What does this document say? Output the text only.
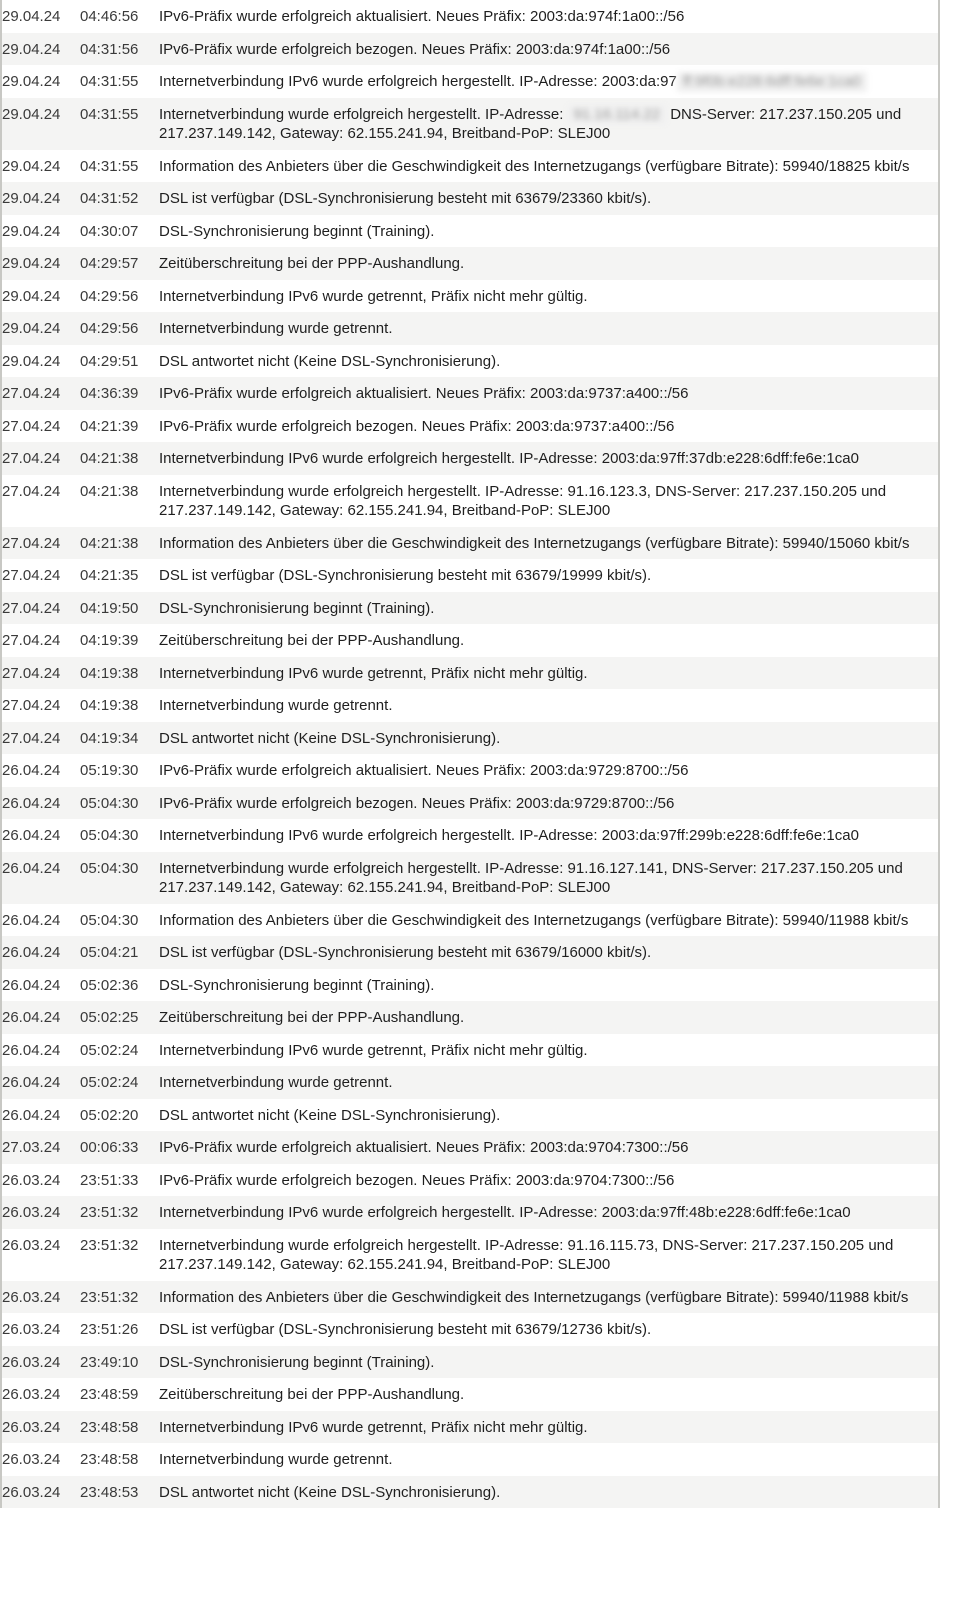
29.04.24	04:46:56	IPv6-Präfix wurde erfolgreich aktualisiert. Neues Präfix: 2003:da:974f:1a00::/56
29.04.24	04:31:56	IPv6-Präfix wurde erfolgreich bezogen. Neues Präfix: 2003:da:974f:1a00::/56
29.04.24	04:31:55	Internetverbindung IPv6 wurde erfolgreich hergestellt. IP-Adresse: 2003:da:97 ff:9f0b:e228:6dff:fe6e:1ca0
29.04.24	04:31:55	Internetverbindung wurde erfolgreich hergestellt. IP-Adresse: 91.16.114.22 DNS-Server: 217.237.150.205 und 217.237.149.142, Gateway: 62.155.241.94, Breitband-PoP: SLEJ00
29.04.24	04:31:55	Information des Anbieters über die Geschwindigkeit des Internetzugangs (verfügbare Bitrate): 59940/18825 kbit/s
29.04.24	04:31:52	DSL ist verfügbar (DSL-Synchronisierung besteht mit 63679/23360 kbit/s).
29.04.24	04:30:07	DSL-Synchronisierung beginnt (Training).
29.04.24	04:29:57	Zeitüberschreitung bei der PPP-Aushandlung.
29.04.24	04:29:56	Internetverbindung IPv6 wurde getrennt, Präfix nicht mehr gültig.
29.04.24	04:29:56	Internetverbindung wurde getrennt.
29.04.24	04:29:51	DSL antwortet nicht (Keine DSL-Synchronisierung).
27.04.24	04:36:39	IPv6-Präfix wurde erfolgreich aktualisiert. Neues Präfix: 2003:da:9737:a400::/56
27.04.24	04:21:39	IPv6-Präfix wurde erfolgreich bezogen. Neues Präfix: 2003:da:9737:a400::/56
27.04.24	04:21:38	Internetverbindung IPv6 wurde erfolgreich hergestellt. IP-Adresse: 2003:da:97ff:37db:e228:6dff:fe6e:1ca0
27.04.24	04:21:38	Internetverbindung wurde erfolgreich hergestellt. IP-Adresse: 91.16.123.3, DNS-Server: 217.237.150.205 und 217.237.149.142, Gateway: 62.155.241.94, Breitband-PoP: SLEJ00
27.04.24	04:21:38	Information des Anbieters über die Geschwindigkeit des Internetzugangs (verfügbare Bitrate): 59940/15060 kbit/s
27.04.24	04:21:35	DSL ist verfügbar (DSL-Synchronisierung besteht mit 63679/19999 kbit/s).
27.04.24	04:19:50	DSL-Synchronisierung beginnt (Training).
27.04.24	04:19:39	Zeitüberschreitung bei der PPP-Aushandlung.
27.04.24	04:19:38	Internetverbindung IPv6 wurde getrennt, Präfix nicht mehr gültig.
27.04.24	04:19:38	Internetverbindung wurde getrennt.
27.04.24	04:19:34	DSL antwortet nicht (Keine DSL-Synchronisierung).
26.04.24	05:19:30	IPv6-Präfix wurde erfolgreich aktualisiert. Neues Präfix: 2003:da:9729:8700::/56
26.04.24	05:04:30	IPv6-Präfix wurde erfolgreich bezogen. Neues Präfix: 2003:da:9729:8700::/56
26.04.24	05:04:30	Internetverbindung IPv6 wurde erfolgreich hergestellt. IP-Adresse: 2003:da:97ff:299b:e228:6dff:fe6e:1ca0
26.04.24	05:04:30	Internetverbindung wurde erfolgreich hergestellt. IP-Adresse: 91.16.127.141, DNS-Server: 217.237.150.205 und 217.237.149.142, Gateway: 62.155.241.94, Breitband-PoP: SLEJ00
26.04.24	05:04:30	Information des Anbieters über die Geschwindigkeit des Internetzugangs (verfügbare Bitrate): 59940/11988 kbit/s
26.04.24	05:04:21	DSL ist verfügbar (DSL-Synchronisierung besteht mit 63679/16000 kbit/s).
26.04.24	05:02:36	DSL-Synchronisierung beginnt (Training).
26.04.24	05:02:25	Zeitüberschreitung bei der PPP-Aushandlung.
26.04.24	05:02:24	Internetverbindung IPv6 wurde getrennt, Präfix nicht mehr gültig.
26.04.24	05:02:24	Internetverbindung wurde getrennt.
26.04.24	05:02:20	DSL antwortet nicht (Keine DSL-Synchronisierung).
27.03.24	00:06:33	IPv6-Präfix wurde erfolgreich aktualisiert. Neues Präfix: 2003:da:9704:7300::/56
26.03.24	23:51:33	IPv6-Präfix wurde erfolgreich bezogen. Neues Präfix: 2003:da:9704:7300::/56
26.03.24	23:51:32	Internetverbindung IPv6 wurde erfolgreich hergestellt. IP-Adresse: 2003:da:97ff:48b:e228:6dff:fe6e:1ca0
26.03.24	23:51:32	Internetverbindung wurde erfolgreich hergestellt. IP-Adresse: 91.16.115.73, DNS-Server: 217.237.150.205 und 217.237.149.142, Gateway: 62.155.241.94, Breitband-PoP: SLEJ00
26.03.24	23:51:32	Information des Anbieters über die Geschwindigkeit des Internetzugangs (verfügbare Bitrate): 59940/11988 kbit/s
26.03.24	23:51:26	DSL ist verfügbar (DSL-Synchronisierung besteht mit 63679/12736 kbit/s).
26.03.24	23:49:10	DSL-Synchronisierung beginnt (Training).
26.03.24	23:48:59	Zeitüberschreitung bei der PPP-Aushandlung.
26.03.24	23:48:58	Internetverbindung IPv6 wurde getrennt, Präfix nicht mehr gültig.
26.03.24	23:48:58	Internetverbindung wurde getrennt.
26.03.24	23:48:53	DSL antwortet nicht (Keine DSL-Synchronisierung).
